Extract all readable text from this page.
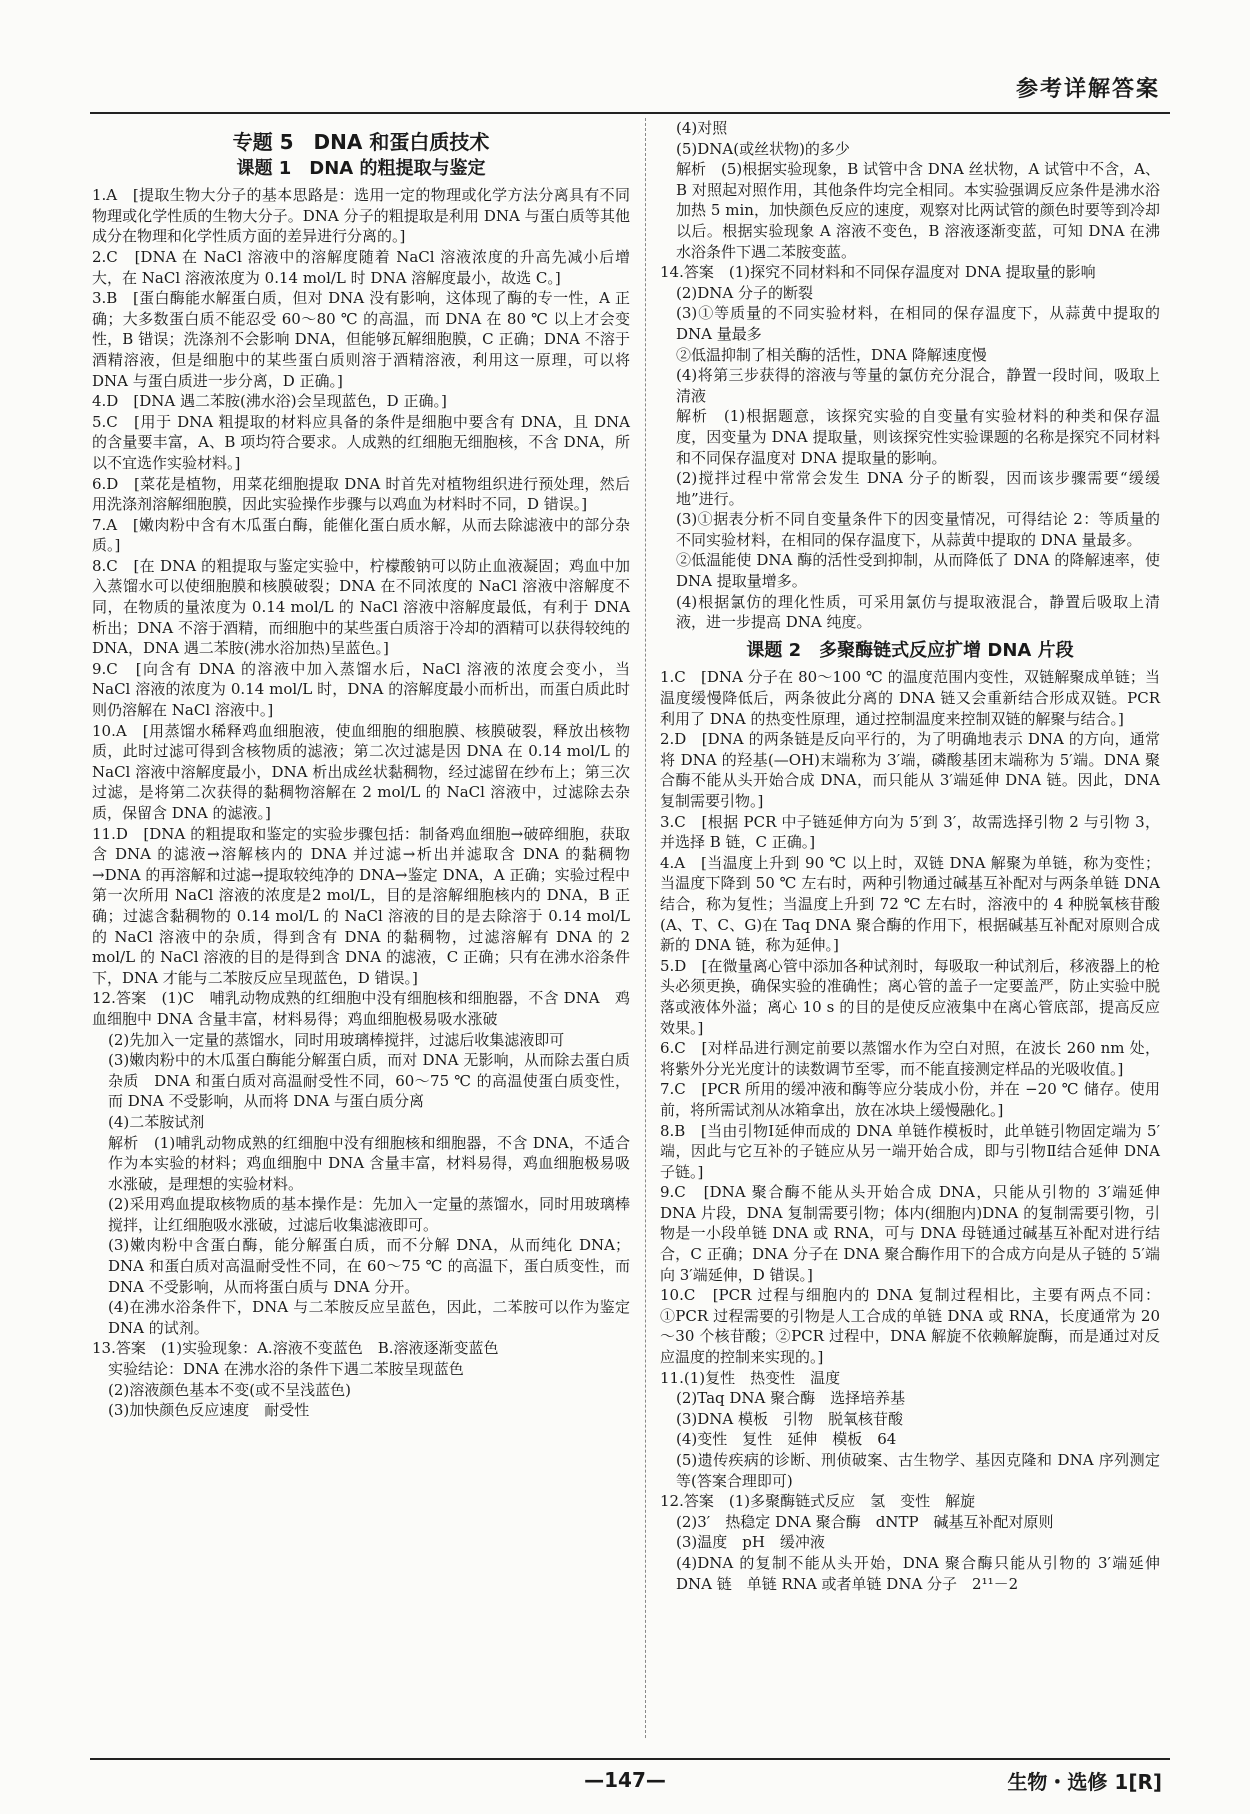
参考详解答案
专题 5　DNA 和蛋白质技术
课题 1　DNA 的粗提取与鉴定

1.A　[提取生物大分子的基本思路是：选用一定的物理或化学方法分离具有不同物理或化学性质的生物大分子。DNA 分子的粗提取是利用 DNA 与蛋白质等其他成分在物理和化学性质方面的差异进行分离的。]

2.C　[DNA 在 NaCl 溶液中的溶解度随着 NaCl 溶液浓度的升高先减小后增大，在 NaCl 溶液浓度为 0.14 mol/L 时 DNA 溶解度最小，故选 C。]

3.B　[蛋白酶能水解蛋白质，但对 DNA 没有影响，这体现了酶的专一性，A 正确；大多数蛋白质不能忍受 60～80 ℃ 的高温，而 DNA 在 80 ℃ 以上才会变性，B 错误；洗涤剂不会影响 DNA，但能够瓦解细胞膜，C 正确；DNA 不溶于酒精溶液，但是细胞中的某些蛋白质则溶于酒精溶液，利用这一原理，可以将 DNA 与蛋白质进一步分离，D 正确。]

4.D　[DNA 遇二苯胺(沸水浴)会呈现蓝色，D 正确。]

5.C　[用于 DNA 粗提取的材料应具备的条件是细胞中要含有 DNA，且 DNA 的含量要丰富，A、B 项均符合要求。人成熟的红细胞无细胞核，不含 DNA，所以不宜选作实验材料。]

6.D　[菜花是植物，用菜花细胞提取 DNA 时首先对植物组织进行预处理，然后用洗涤剂溶解细胞膜，因此实验操作步骤与以鸡血为材料时不同，D 错误。]

7.A　[嫩肉粉中含有木瓜蛋白酶，能催化蛋白质水解，从而去除滤液中的部分杂质。]

8.C　[在 DNA 的粗提取与鉴定实验中，柠檬酸钠可以防止血液凝固；鸡血中加入蒸馏水可以使细胞膜和核膜破裂；DNA 在不同浓度的 NaCl 溶液中溶解度不同，在物质的量浓度为 0.14 mol/L 的 NaCl 溶液中溶解度最低，有利于 DNA 析出；DNA 不溶于酒精，而细胞中的某些蛋白质溶于冷却的酒精可以获得较纯的 DNA，DNA 遇二苯胺(沸水浴加热)呈蓝色。]

9.C　[向含有 DNA 的溶液中加入蒸馏水后，NaCl 溶液的浓度会变小，当 NaCl 溶液的浓度为 0.14 mol/L 时，DNA 的溶解度最小而析出，而蛋白质此时则仍溶解在 NaCl 溶液中。]

10.A　[用蒸馏水稀释鸡血细胞液，使血细胞的细胞膜、核膜破裂，释放出核物质，此时过滤可得到含核物质的滤液；第二次过滤是因 DNA 在 0.14 mol/L 的 NaCl 溶液中溶解度最小，DNA 析出成丝状黏稠物，经过滤留在纱布上；第三次过滤，是将第二次获得的黏稠物溶解在 2 mol/L 的 NaCl 溶液中，过滤除去杂质，保留含 DNA 的滤液。]

11.D　[DNA 的粗提取和鉴定的实验步骤包括：制备鸡血细胞→破碎细胞，获取含 DNA 的滤液→溶解核内的 DNA 并过滤→析出并滤取含 DNA 的黏稠物→DNA 的再溶解和过滤→提取较纯净的 DNA→鉴定 DNA，A 正确；实验过程中第一次所用 NaCl 溶液的浓度是2 mol/L，目的是溶解细胞核内的 DNA，B 正确；过滤含黏稠物的 0.14 mol/L 的 NaCl 溶液的目的是去除溶于 0.14 mol/L 的 NaCl 溶液中的杂质，得到含有 DNA 的黏稠物，过滤溶解有 DNA 的 2 mol/L 的 NaCl 溶液的目的是得到含 DNA 的滤液，C 正确；只有在沸水浴条件下，DNA 才能与二苯胺反应呈现蓝色，D 错误。]

12.答案　(1)C　哺乳动物成熟的红细胞中没有细胞核和细胞器，不含 DNA　鸡血细胞中 DNA 含量丰富，材料易得；鸡血细胞极易吸水涨破

(2)先加入一定量的蒸馏水，同时用玻璃棒搅拌，过滤后收集滤液即可

(3)嫩肉粉中的木瓜蛋白酶能分解蛋白质，而对 DNA 无影响，从而除去蛋白质杂质　DNA 和蛋白质对高温耐受性不同，60～75 ℃ 的高温使蛋白质变性，而 DNA 不受影响，从而将 DNA 与蛋白质分离

(4)二苯胺试剂

解析　(1)哺乳动物成熟的红细胞中没有细胞核和细胞器，不含 DNA，不适合作为本实验的材料；鸡血细胞中 DNA 含量丰富，材料易得，鸡血细胞极易吸水涨破，是理想的实验材料。

(2)采用鸡血提取核物质的基本操作是：先加入一定量的蒸馏水，同时用玻璃棒搅拌，让红细胞吸水涨破，过滤后收集滤液即可。

(3)嫩肉粉中含蛋白酶，能分解蛋白质，而不分解 DNA，从而纯化 DNA；DNA 和蛋白质对高温耐受性不同，在 60～75 ℃ 的高温下，蛋白质变性，而 DNA 不受影响，从而将蛋白质与 DNA 分开。

(4)在沸水浴条件下，DNA 与二苯胺反应呈蓝色，因此，二苯胺可以作为鉴定 DNA 的试剂。

13.答案　(1)实验现象：A.溶液不变蓝色　B.溶液逐渐变蓝色

实验结论：DNA 在沸水浴的条件下遇二苯胺呈现蓝色

(2)溶液颜色基本不变(或不呈浅蓝色)

(3)加快颜色反应速度　耐受性

(4)对照

(5)DNA(或丝状物)的多少

解析　(5)根据实验现象，B 试管中含 DNA 丝状物，A 试管中不含，A、B 对照起对照作用，其他条件均完全相同。本实验强调反应条件是沸水浴加热 5 min，加快颜色反应的速度，观察对比两试管的颜色时要等到冷却以后。根据实验现象 A 溶液不变色，B 溶液逐渐变蓝，可知 DNA 在沸水浴条件下遇二苯胺变蓝。

14.答案　(1)探究不同材料和不同保存温度对 DNA 提取量的影响

(2)DNA 分子的断裂

(3)①等质量的不同实验材料，在相同的保存温度下，从蒜黄中提取的 DNA 量最多

②低温抑制了相关酶的活性，DNA 降解速度慢

(4)将第三步获得的溶液与等量的氯仿充分混合，静置一段时间，吸取上清液

解析　(1)根据题意，该探究实验的自变量有实验材料的种类和保存温度，因变量为 DNA 提取量，则该探究性实验课题的名称是探究不同材料和不同保存温度对 DNA 提取量的影响。

(2)搅拌过程中常常会发生 DNA 分子的断裂，因而该步骤需要“缓缓地”进行。

(3)①据表分析不同自变量条件下的因变量情况，可得结论 2：等质量的不同实验材料，在相同的保存温度下，从蒜黄中提取的 DNA 量最多。

②低温能使 DNA 酶的活性受到抑制，从而降低了 DNA 的降解速率，使 DNA 提取量增多。

(4)根据氯仿的理化性质，可采用氯仿与提取液混合，静置后吸取上清液，进一步提高 DNA 纯度。

课题 2　多聚酶链式反应扩增 DNA 片段

1.C　[DNA 分子在 80～100 ℃ 的温度范围内变性，双链解聚成单链；当温度缓慢降低后，两条彼此分离的 DNA 链又会重新结合形成双链。PCR 利用了 DNA 的热变性原理，通过控制温度来控制双链的解聚与结合。]

2.D　[DNA 的两条链是反向平行的，为了明确地表示 DNA 的方向，通常将 DNA 的羟基(—OH)末端称为 3′端，磷酸基团末端称为 5′端。DNA 聚合酶不能从头开始合成 DNA，而只能从 3′端延伸 DNA 链。因此，DNA 复制需要引物。]

3.C　[根据 PCR 中子链延伸方向为 5′到 3′，故需选择引物 2 与引物 3，并选择 B 链，C 正确。]

4.A　[当温度上升到 90 ℃ 以上时，双链 DNA 解聚为单链，称为变性；当温度下降到 50 ℃ 左右时，两种引物通过碱基互补配对与两条单链 DNA 结合，称为复性；当温度上升到 72 ℃ 左右时，溶液中的 4 种脱氧核苷酸(A、T、C、G)在 Taq DNA 聚合酶的作用下，根据碱基互补配对原则合成新的 DNA 链，称为延伸。]

5.D　[在微量离心管中添加各种试剂时，每吸取一种试剂后，移液器上的枪头必须更换，确保实验的准确性；离心管的盖子一定要盖严，防止实验中脱落或液体外溢；离心 10 s 的目的是使反应液集中在离心管底部，提高反应效果。]

6.C　[对样品进行测定前要以蒸馏水作为空白对照，在波长 260 nm 处，将紫外分光光度计的读数调节至零，而不能直接测定样品的光吸收值。]

7.C　[PCR 所用的缓冲液和酶等应分装成小份，并在 −20 ℃ 储存。使用前，将所需试剂从冰箱拿出，放在冰块上缓慢融化。]

8.B　[当由引物Ⅰ延伸而成的 DNA 单链作模板时，此单链引物固定端为 5′端，因此与它互补的子链应从另一端开始合成，即与引物Ⅱ结合延伸 DNA 子链。]

9.C　[DNA 聚合酶不能从头开始合成 DNA，只能从引物的 3′端延伸 DNA 片段，DNA 复制需要引物；体内(细胞内)DNA 的复制需要引物，引物是一小段单链 DNA 或 RNA，可与 DNA 母链通过碱基互补配对进行结合，C 正确；DNA 分子在 DNA 聚合酶作用下的合成方向是从子链的 5′端向 3′端延伸，D 错误。]

10.C　[PCR 过程与细胞内的 DNA 复制过程相比，主要有两点不同：①PCR 过程需要的引物是人工合成的单链 DNA 或 RNA，长度通常为 20～30 个核苷酸；②PCR 过程中，DNA 解旋不依赖解旋酶，而是通过对反应温度的控制来实现的。]

11.(1)复性　热变性　温度

(2)Taq DNA 聚合酶　选择培养基

(3)DNA 模板　引物　脱氧核苷酸

(4)变性　复性　延伸　模板　64

(5)遗传疾病的诊断、刑侦破案、古生物学、基因克隆和 DNA 序列测定等(答案合理即可)

12.答案　(1)多聚酶链式反应　氢　变性　解旋

(2)3′　热稳定 DNA 聚合酶　dNTP　碱基互补配对原则

(3)温度　pH　缓冲液

(4)DNA 的复制不能从头开始，DNA 聚合酶只能从引物的 3′端延伸 DNA 链　单链 RNA 或者单链 DNA 分子　2¹¹－2

—147—	生物・选修 1[R]
